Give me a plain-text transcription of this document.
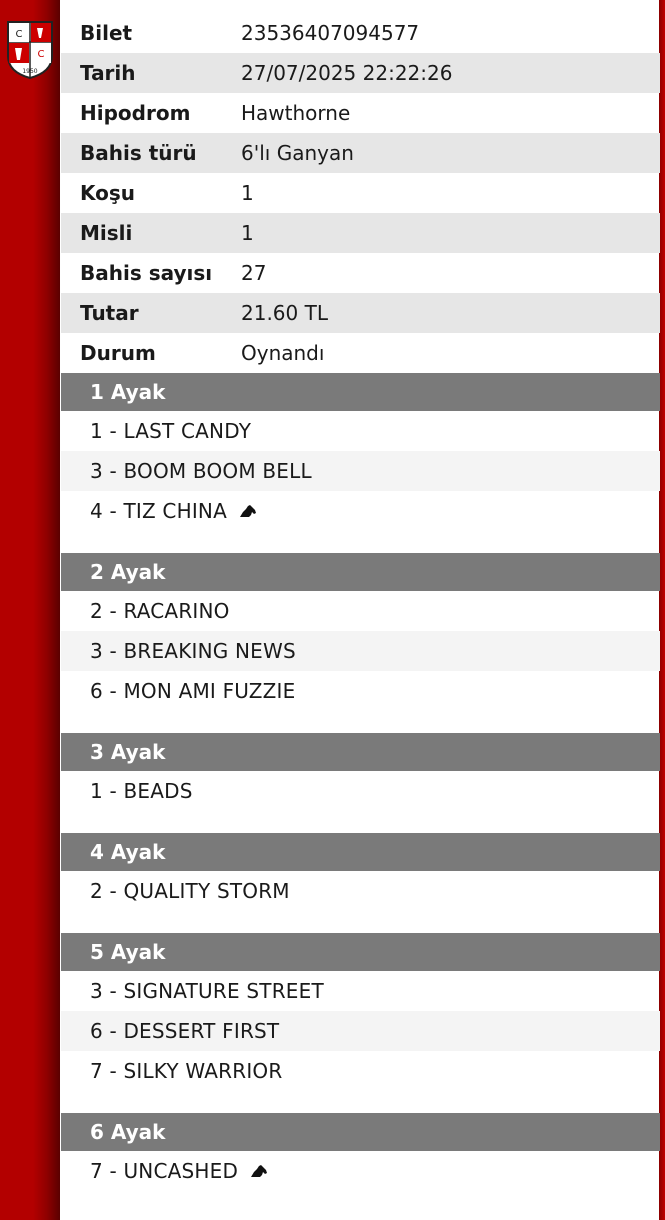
C
C
1950
Bilet	23536407094577
Tarih	27/07/2025 22:22:26
Hipodrom	Hawthorne
Bahis türü	6'lı Ganyan
Koşu	1
Misli	1
Bahis sayısı	27
Tutar	21.60 TL
Durum	Oynandı
1 Ayak
1 - LAST CANDY
3 - BOOM BOOM BELL
4 - TIZ CHINA
2 Ayak
2 - RACARINO
3 - BREAKING NEWS
6 - MON AMI FUZZIE
3 Ayak
1 - BEADS
4 Ayak
2 - QUALITY STORM
5 Ayak
3 - SIGNATURE STREET
6 - DESSERT FIRST
7 - SILKY WARRIOR
6 Ayak
7 - UNCASHED
